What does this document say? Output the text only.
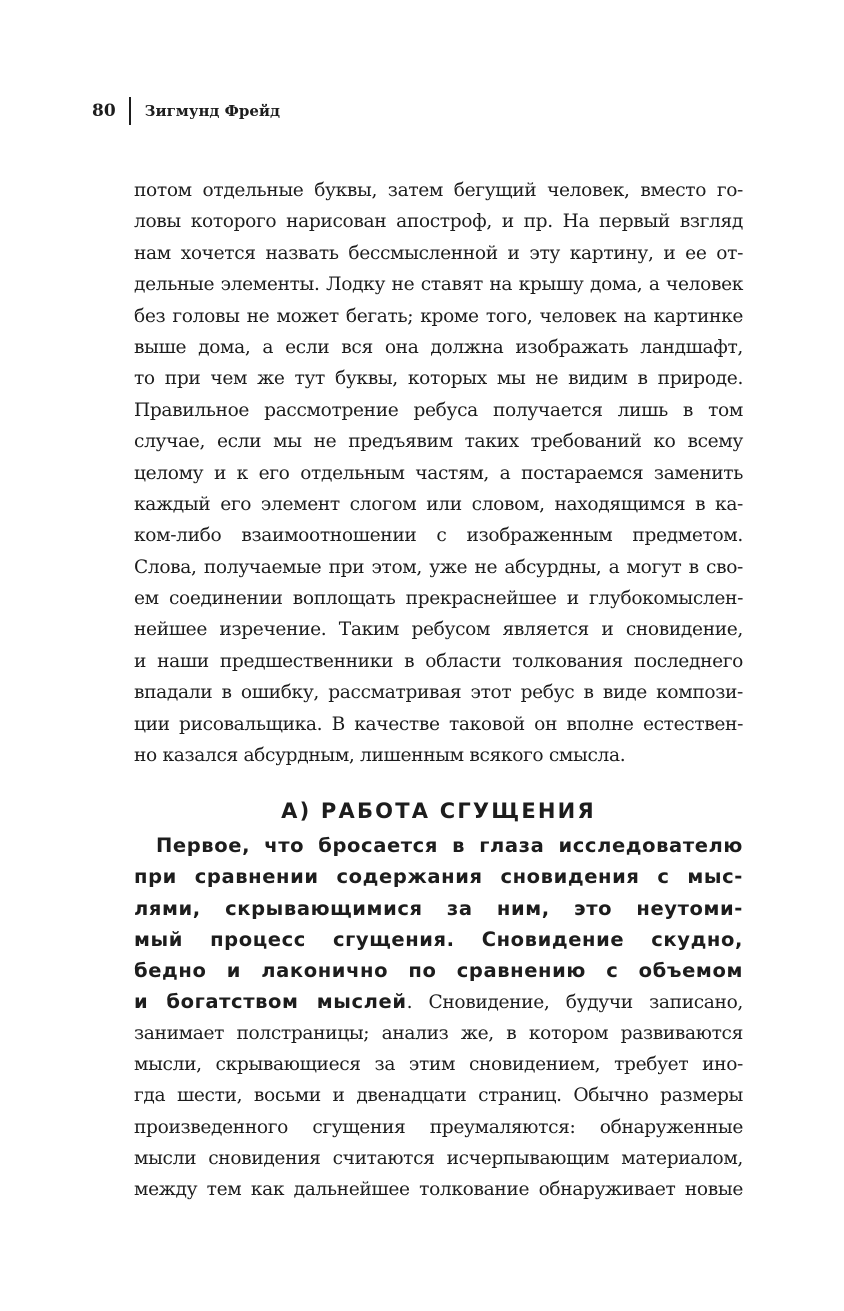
80 Зигмунд Фрейд
потом отдельные буквы, затем бегущий человек, вместо го-
ловы которого нарисован апостроф, и пр. На первый взгляд
нам хочется назвать бессмысленной и эту картину, и ее от-
дельные элементы. Лодку не ставят на крышу дома, а человек
без головы не может бегать; кроме того, человек на картинке
выше дома, а если вся она должна изображать ландшафт,
то при чем же тут буквы, которых мы не видим в природе.
Правильное рассмотрение ребуса получается лишь в том
случае, если мы не предъявим таких требований ко всему
целому и к его отдельным частям, а постараемся заменить
каждый его элемент слогом или словом, находящимся в ка-
ком-либо взаимоотношении с изображенным предметом.
Слова, получаемые при этом, уже не абсурдны, а могут в сво-
ем соединении воплощать прекраснейшее и глубокомыслен-
нейшее изречение. Таким ребусом является и сновидение,
и наши предшественники в области толкования последнего
впадали в ошибку, рассматривая этот ребус в виде компози-
ции рисовальщика. В качестве таковой он вполне естествен-
но казался абсурдным, лишенным всякого смысла.
А) РАБОТА СГУЩЕНИЯ
Первое, что бросается в глаза исследователю
при сравнении содержания сновидения с мыс-
лями, скрывающимися за ним, это неутоми-
мый процесс сгущения. Сновидение скудно,
бедно и лаконично по сравнению с объемом
и богатством мыслей. Сновидение, будучи записано,
занимает полстраницы; анализ же, в котором развиваются
мысли, скрывающиеся за этим сновидением, требует ино-
гда шести, восьми и двенадцати страниц. Обычно размеры
произведенного сгущения преумаляются: обнаруженные
мысли сновидения считаются исчерпывающим материалом,
между тем как дальнейшее толкование обнаруживает новые
